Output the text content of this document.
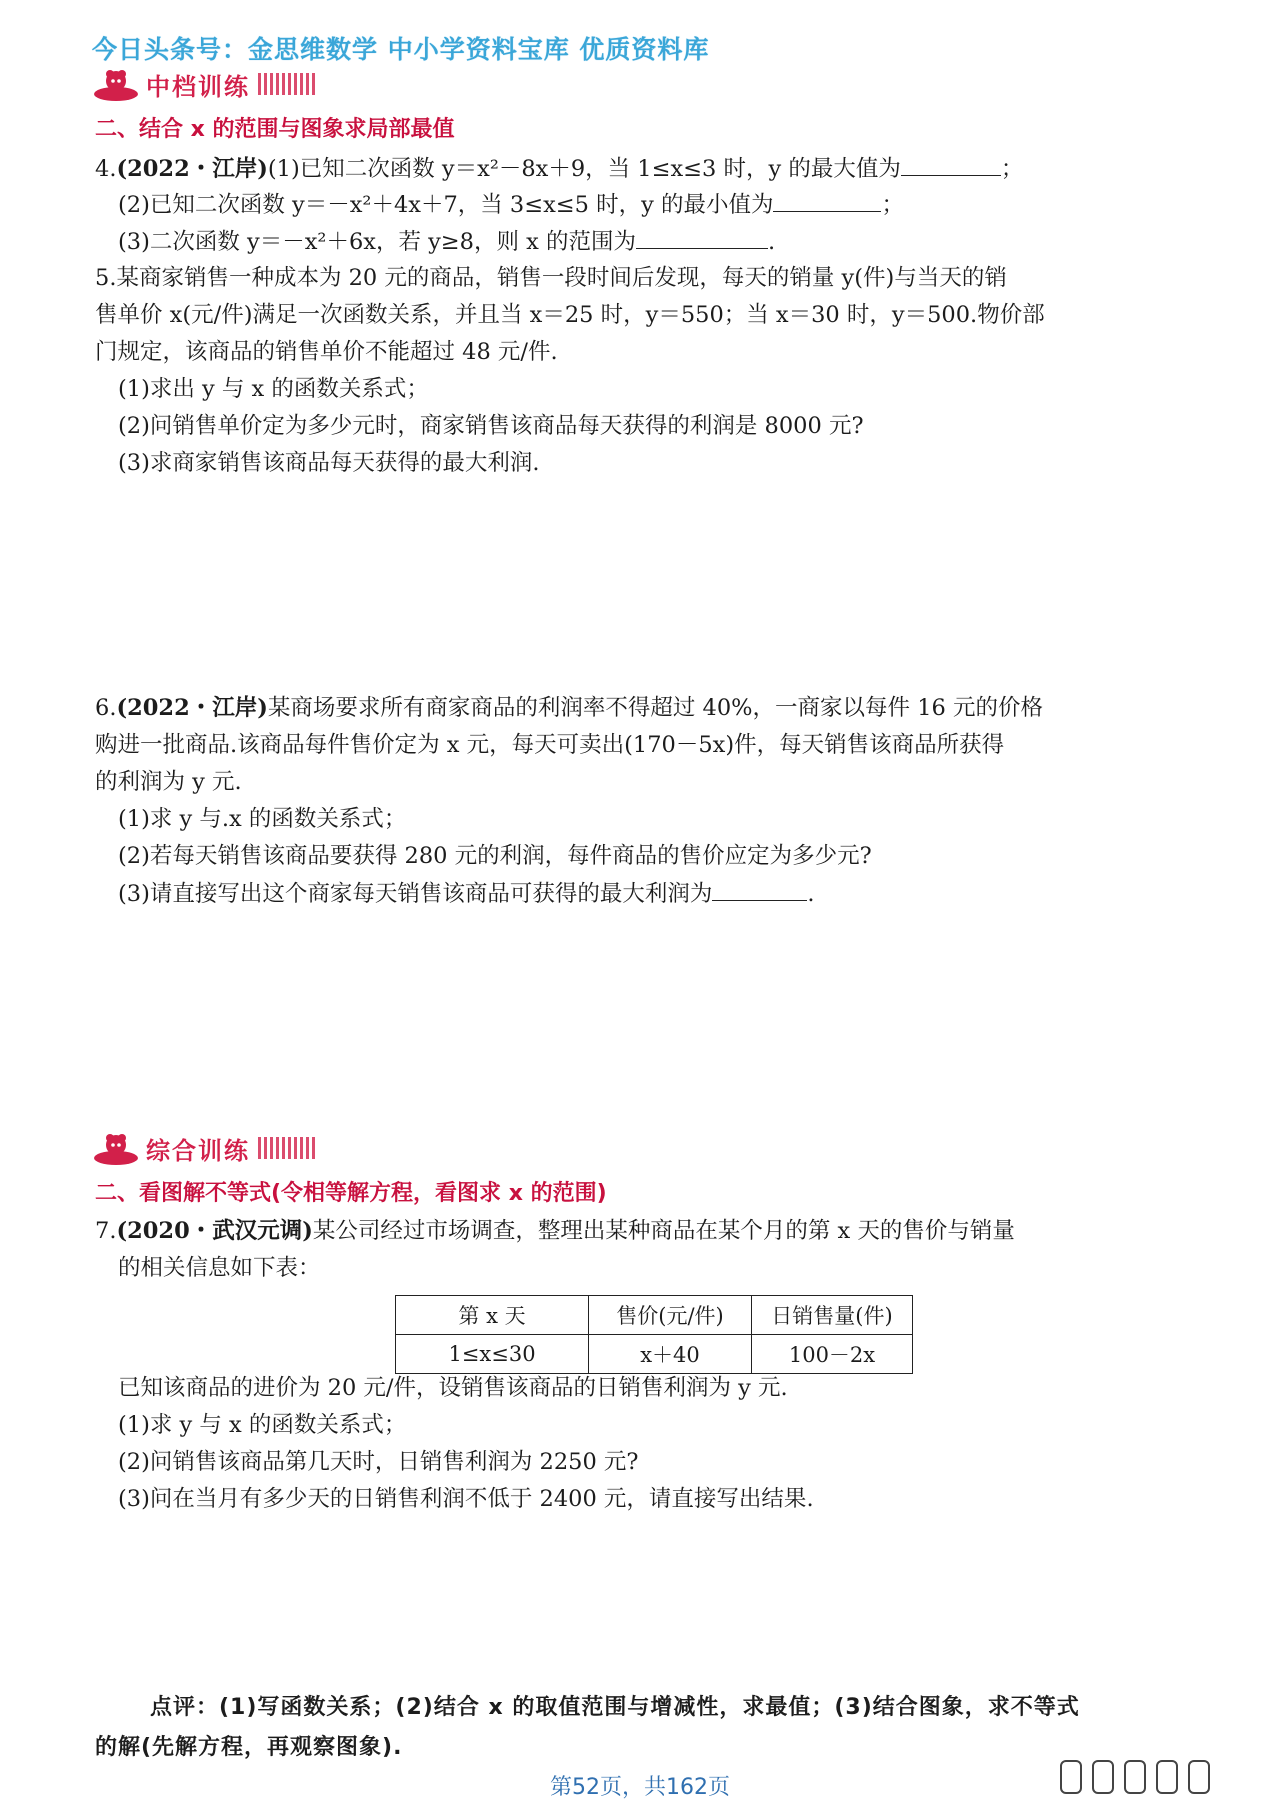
今日头条号：金思维数学 中小学资料宝库 优质资料库
中档训练
二、结合 x 的范围与图象求局部最值
4.(2022・江岸)(1)已知二次函数 y＝x²－8x＋9，当 1≤x≤3 时，y 的最大值为	；
(2)已知二次函数 y＝－x²＋4x＋7，当 3≤x≤5 时，y 的最小值为	；
(3)二次函数 y＝－x²＋6x，若 y≥8，则 x 的范围为	.
5.某商家销售一种成本为 20 元的商品，销售一段时间后发现，每天的销量 y(件)与当天的销
售单价 x(元/件)满足一次函数关系，并且当 x＝25 时，y＝550；当 x＝30 时，y＝500.物价部
门规定，该商品的销售单价不能超过 48 元/件.
(1)求出 y 与 x 的函数关系式；
(2)问销售单价定为多少元时，商家销售该商品每天获得的利润是 8000 元?
(3)求商家销售该商品每天获得的最大利润.
6.(2022・江岸)某商场要求所有商家商品的利润率不得超过 40%，一商家以每件 16 元的价格
购进一批商品.该商品每件售价定为 x 元，每天可卖出(170－5x)件，每天销售该商品所获得
的利润为 y 元.
(1)求 y 与.x 的函数关系式；
(2)若每天销售该商品要获得 280 元的利润，每件商品的售价应定为多少元?
(3)请直接写出这个商家每天销售该商品可获得的最大利润为	.
综合训练
二、看图解不等式(令相等解方程，看图求 x 的范围)
7.(2020・武汉元调)某公司经过市场调查，整理出某种商品在某个月的第 x 天的售价与销量
的相关信息如下表：
第 x 天	售价(元/件)	日销售量(件)
1≤x≤30	x＋40	100－2x
已知该商品的进价为 20 元/件，设销售该商品的日销售利润为 y 元.
(1)求 y 与 x 的函数关系式；
(2)问销售该商品第几天时，日销售利润为 2250 元?
(3)问在当月有多少天的日销售利润不低于 2400 元，请直接写出结果.
点评：(1)写函数关系；(2)结合 x 的取值范围与增减性，求最值；(3)结合图象，求不等式
的解(先解方程，再观察图象).
第52页，共162页
